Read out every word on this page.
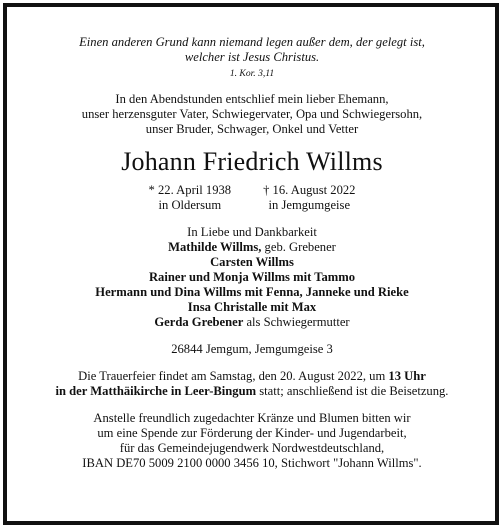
Einen anderen Grund kann niemand legen außer dem, der gelegt ist,
welcher ist Jesus Christus.
1. Kor. 3,11
In den Abendstunden entschlief mein lieber Ehemann,
unser herzensguter Vater, Schwiegervater, Opa und Schwiegersohn,
unser Bruder, Schwager, Onkel und Vetter
Johann Friedrich Willms
* 22. April 1938
in Oldersum
† 16. August 2022
in Jemgumgeise
In Liebe und Dankbarkeit
Mathilde Willms, geb. Grebener
Carsten Willms
Rainer und Monja Willms mit Tammo
Hermann und Dina Willms mit Fenna, Janneke und Rieke
Insa Christalle mit Max
Gerda Grebener als Schwiegermutter
26844 Jemgum, Jemgumgeise 3
Die Trauerfeier findet am Samstag, den 20. August 2022, um 13 Uhr
in der Matthäikirche in Leer-Bingum statt; anschließend ist die Beisetzung.
Anstelle freundlich zugedachter Kränze und Blumen bitten wir
um eine Spende zur Förderung der Kinder- und Jugendarbeit,
für das Gemeindejugendwerk Nordwestdeutschland,
IBAN DE70 5009 2100 0000 3456 10, Stichwort "Johann Willms".
